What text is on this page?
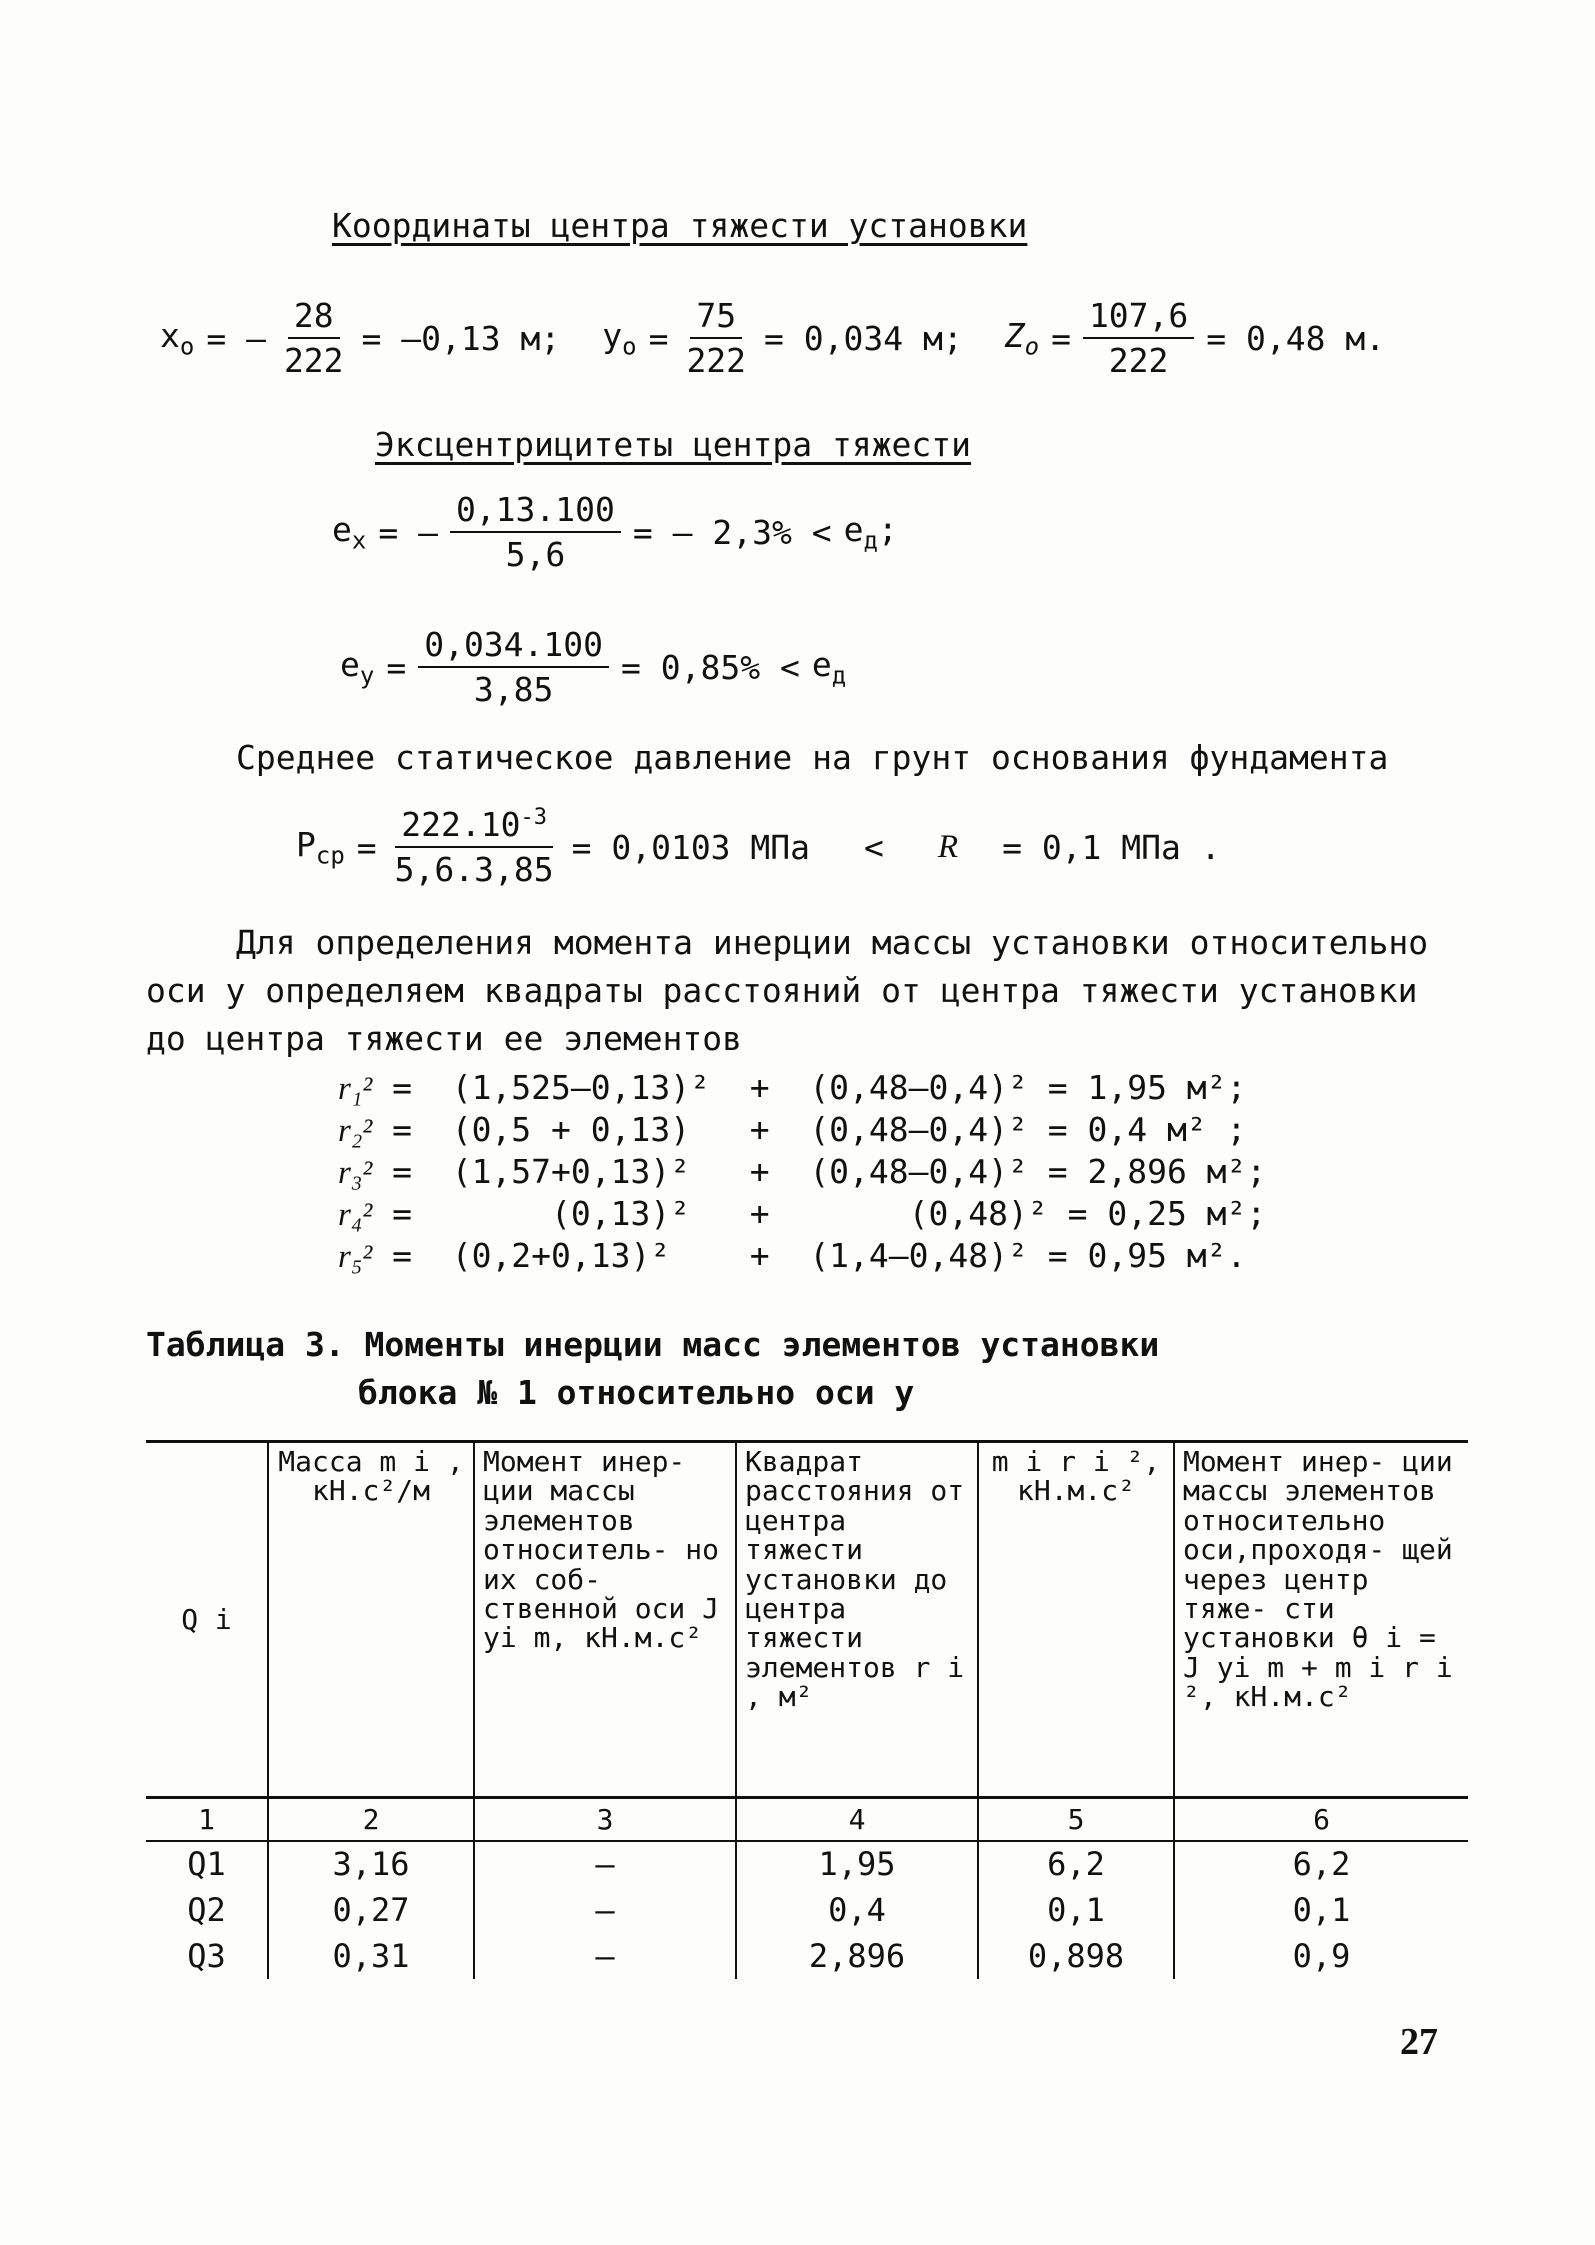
Координаты центра тяжести установки
$x_o$ = – $\frac{28}{222} = -0,13$ м; $y_o = \frac{75}{222} = 0,034$ м; $Z_o = \frac{107,6}{222} = 0,48$ м.
Эксцентрицитеты центра тяжести
$e_x$ = – $\frac{0,13.100}{5,6}$ = – $2,3\% < e_д$;
$e_y = \frac{0,034.100}{3,85} = 0,85\% < e_д$
Среднее статическое давление на грунт основания фундамента
$P_{ср} = \frac{222.10^{-3}}{5,6.3,85} = 0,0103$ МПа < R = 0,1 МПа .
Для определения момента инерции массы установки относительно
оси y определяем квадраты расстояний от центра тяжести установки
до центра тяжести ее элементов
r₁² =  (1,525–0,13)²  +  (0,48–0,4)² = 1,95 м²;
r₂² =  (0,5 + 0,13)   +  (0,48–0,4)² = 0,4 м² ;
r₃² =  (1,57+0,13)²   +  (0,48–0,4)² = 2,896 м²;
r₄² =       (0,13)²   +       (0,48)² = 0,25 м²;
r₅² =  (0,2+0,13)²    +  (1,4–0,48)² = 0,95 м².
Таблица 3. Моменты инерции масс элементов установки
блока № 1 относительно оси y
Q i	Масса m i , кН.с²/м	Момент инер- ции массы элементов относитель- но их соб- ственной оси J yi m, кН.м.с²	Квадрат расстояния от центра тяжести установки до центра тяжести элементов r i , м²	m i r i ², кН.м.с²	Момент инер- ции массы элементов относительно оси,проходя- щей через центр тяже- сти установки θ i = J yi m + m i r i ², кН.м.с²
1	2	3	4	5	6
Q1	3,16	–	1,95	6,2	6,2
Q2	0,27	–	0,4	0,1	0,1
Q3	0,31	–	2,896	0,898	0,9
27
